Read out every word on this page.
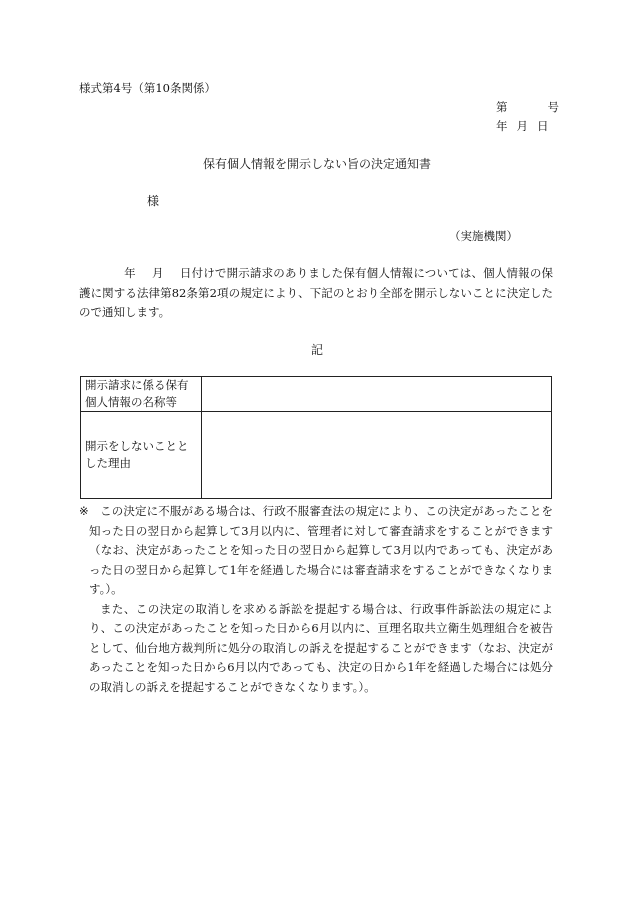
様式第4号（第10条関係）
第	号
年 月 日
保有個人情報を開示しない旨の決定通知書
様
（実施機関）
年 月 日付けで開示請求のありました保有個人情報については、個人情報の保護に関する法律第82条第2項の規定により、下記のとおり全部を開示しないことに決定したので通知します。
記
開示請求に係る保有個人情報の名称等	
開示をしないこととした理由	

※ この決定に不服がある場合は、行政不服審査法の規定により、この決定があったことを知った日の翌日から起算して3月以内に、管理者に対して審査請求をすることができます（なお、決定があったことを知った日の翌日から起算して3月以内であっても、決定があった日の翌日から起算して1年を経過した場合には審査請求をすることができなくなります。）。

また、この決定の取消しを求める訴訟を提起する場合は、行政事件訴訟法の規定により、この決定があったことを知った日から6月以内に、亘理名取共立衛生処理組合を被告として、仙台地方裁判所に処分の取消しの訴えを提起することができます（なお、決定があったことを知った日から6月以内であっても、決定の日から1年を経過した場合には処分の取消しの訴えを提起することができなくなります。）。
